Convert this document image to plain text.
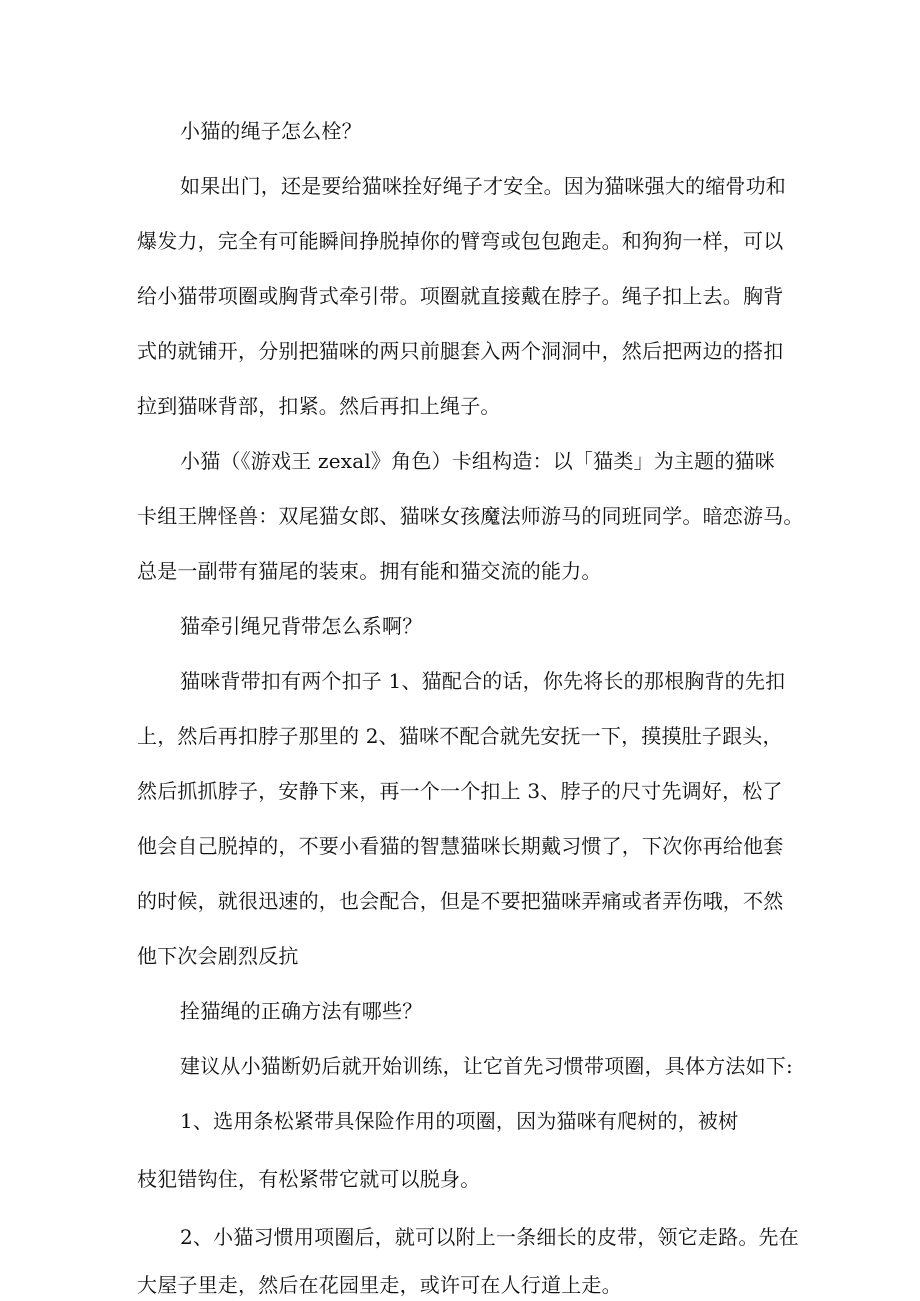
小猫的绳子怎么栓？
如果出门，还是要给猫咪拴好绳子才安全。因为猫咪强大的缩骨功和
爆发力，完全有可能瞬间挣脱掉你的臂弯或包包跑走。和狗狗一样，可以
给小猫带项圈或胸背式牵引带。项圈就直接戴在脖子。绳子扣上去。胸背
式的就铺开，分别把猫咪的两只前腿套入两个洞洞中，然后把两边的搭扣
拉到猫咪背部，扣紧。然后再扣上绳子。
小猫（《游戏王 zexal》角色）卡组构造：以「猫类」为主题的猫咪
卡组王牌怪兽：双尾猫女郎、猫咪女孩魔法师游马的同班同学。暗恋游马。
总是一副带有猫尾的装束。拥有能和猫交流的能力。
猫牵引绳兄背带怎么系啊？
猫咪背带扣有两个扣子 1、猫配合的话，你先将长的那根胸背的先扣
上，然后再扣脖子那里的 2、猫咪不配合就先安抚一下，摸摸肚子跟头，
然后抓抓脖子，安静下来，再一个一个扣上 3、脖子的尺寸先调好，松了
他会自己脱掉的，不要小看猫的智慧猫咪长期戴习惯了，下次你再给他套
的时候，就很迅速的，也会配合，但是不要把猫咪弄痛或者弄伤哦，不然
他下次会剧烈反抗
拴猫绳的正确方法有哪些？
建议从小猫断奶后就开始训练，让它首先习惯带项圈，具体方法如下:
1、选用条松紧带具保险作用的项圈，因为猫咪有爬树的，被树
枝犯错钩住，有松紧带它就可以脱身。
2、小猫习惯用项圈后，就可以附上一条细长的皮带，领它走路。先在
大屋子里走，然后在花园里走，或许可在人行道上走。
